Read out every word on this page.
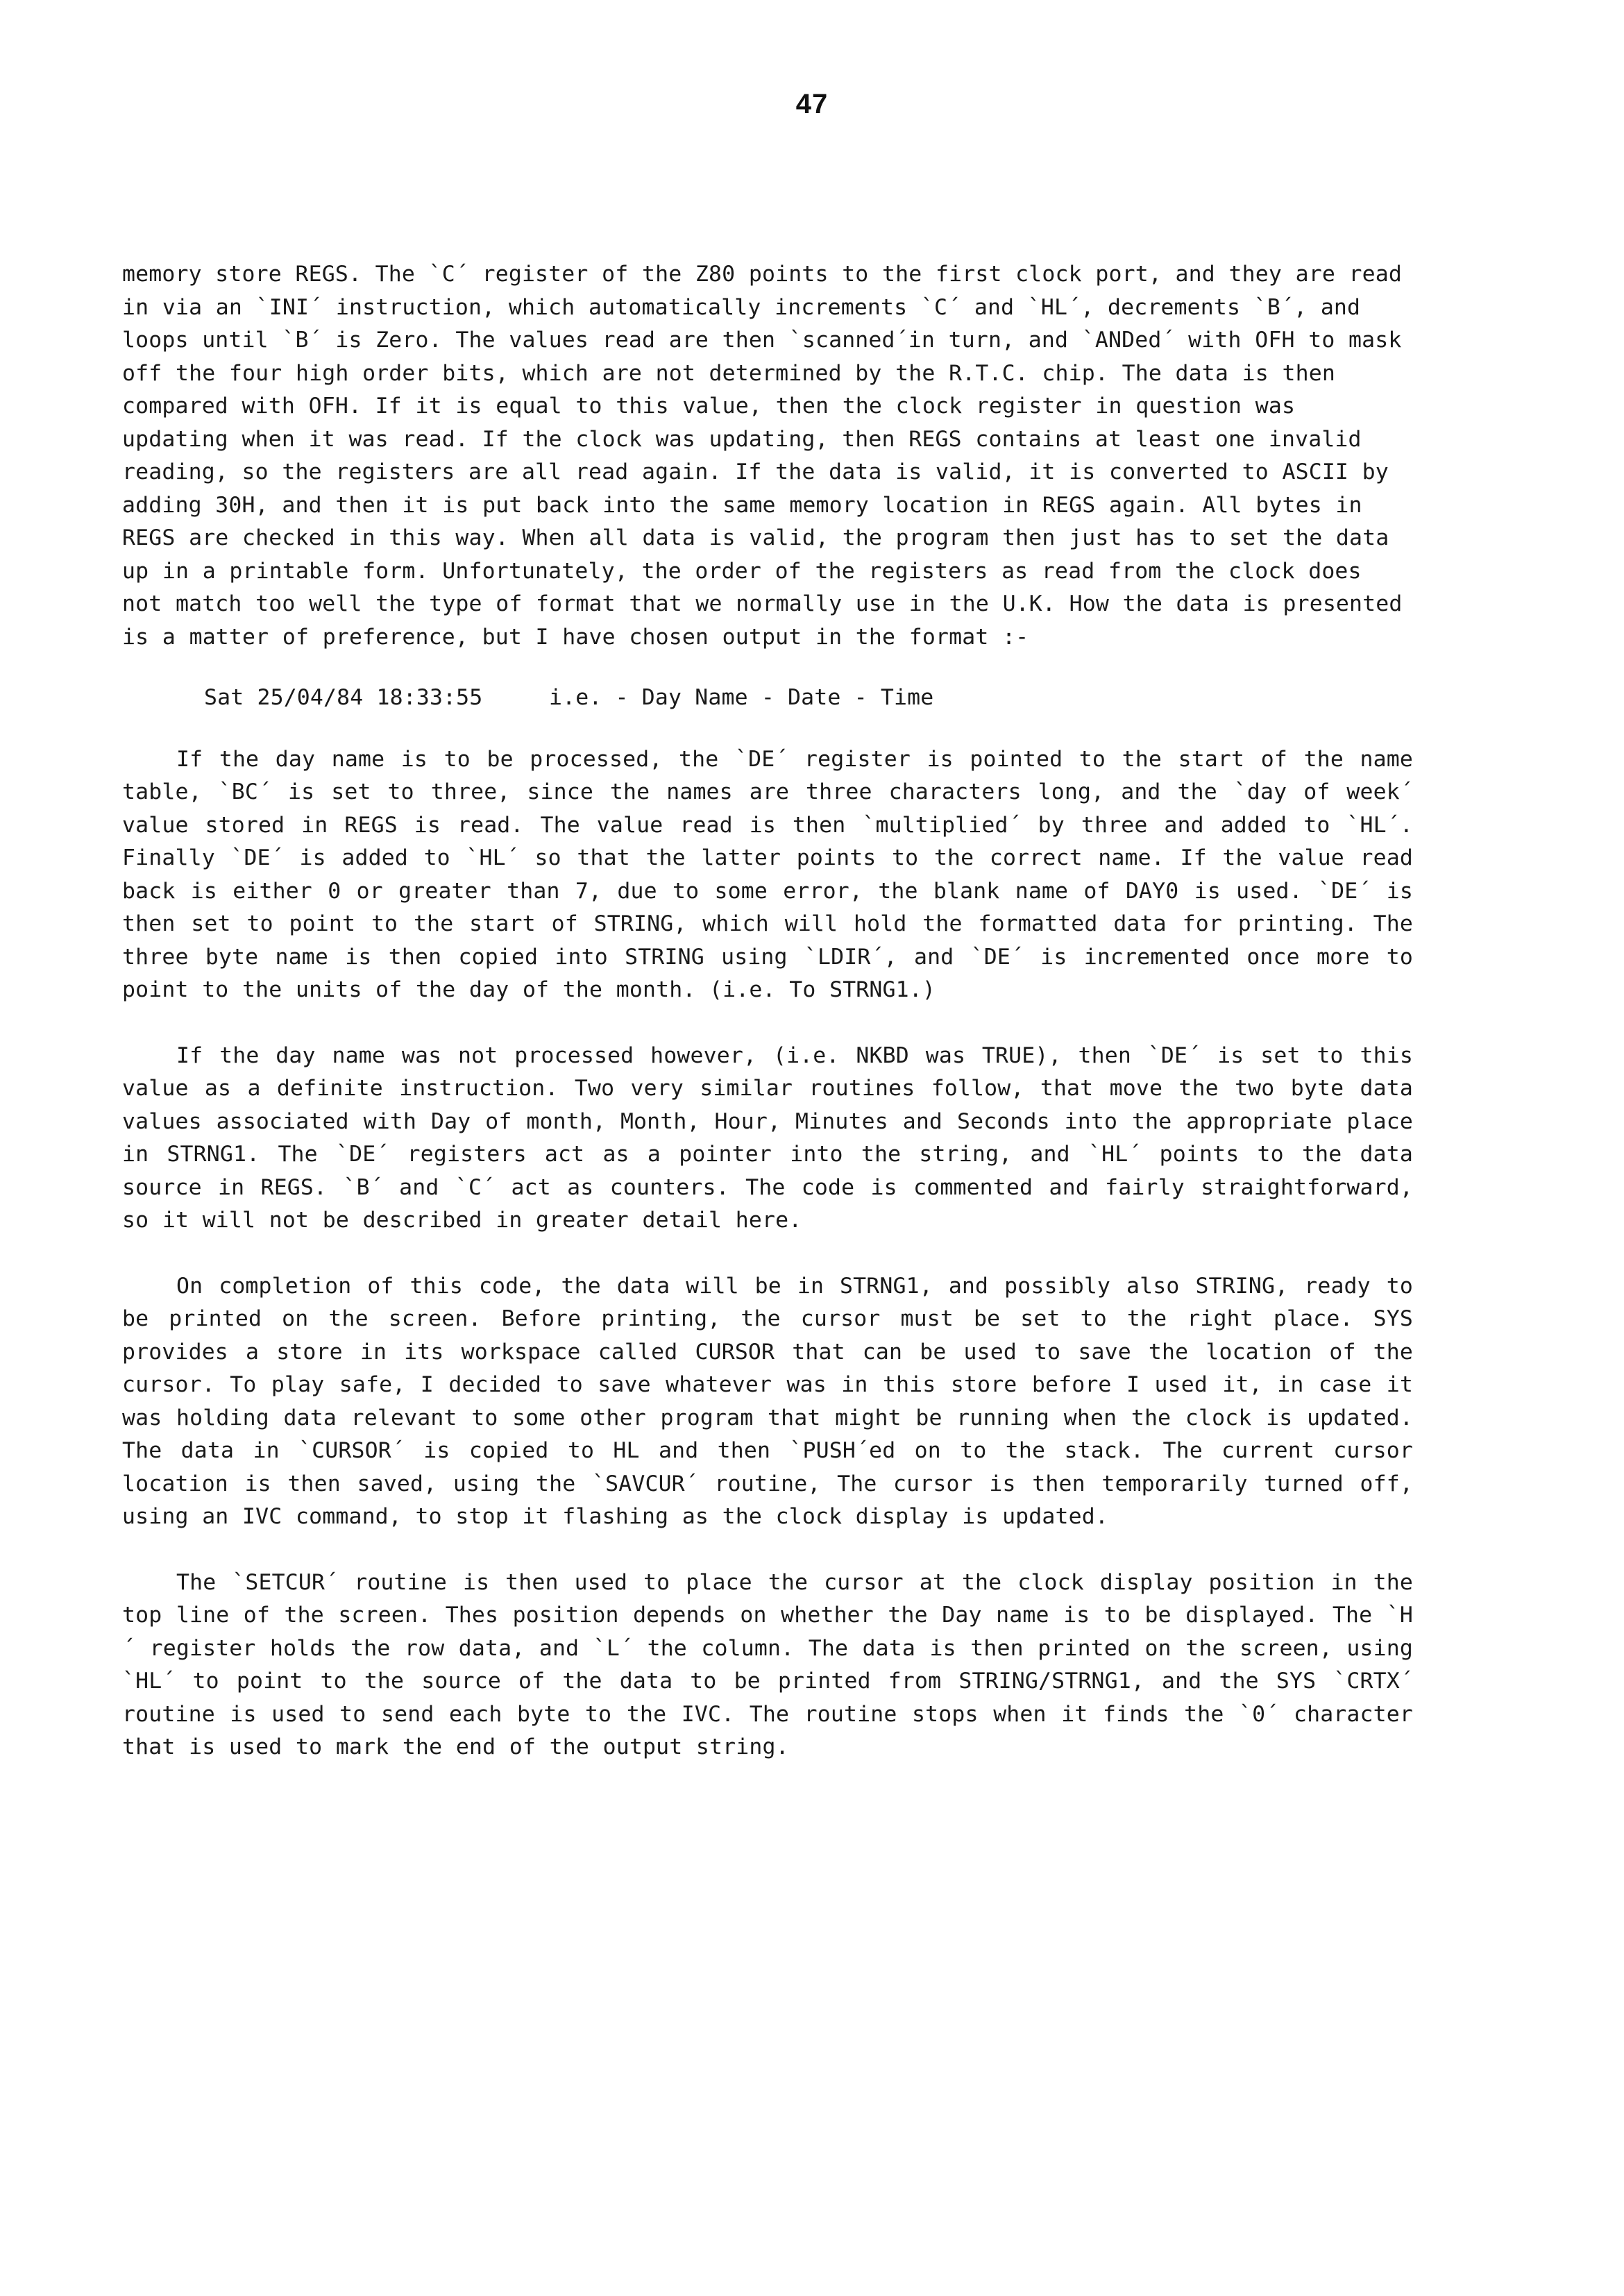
47

memory store REGS. The `C´ register of the Z80 points to the first clock port, and they are read in via an `INI´ instruction, which automatically increments `C´ and `HL´, decrements `B´, and loops until `B´ is Zero. The values read are then `scanned´in turn, and `ANDed´ with OFH to mask off the four high order bits, which are not determined by the R.T.C. chip. The data is then compared with OFH. If it is equal to this value, then the clock register in question was updating when it was read. If the clock was updating, then REGS contains at least one invalid reading, so the registers are all read again. If the data is valid, it is converted to ASCII by adding 30H, and then it is put back into the same memory location in REGS again. All bytes in REGS are checked in this way. When all data is valid, the program then just has to set the data up in a printable form. Unfortunately, the order of the registers as read from the clock does not match too well the type of format that we normally use in the U.K. How the data is presented is a matter of preference, but I have chosen output in the format :-

Sat 25/04/84 18:33:55     i.e. - Day Name - Date - Time

If the day name is to be processed, the `DE´ register is pointed to the start of the name table, `BC´ is set to three, since the names are three characters long, and the `day of week´ value stored in REGS is read. The value read is then `multiplied´ by three and added to `HL´. Finally `DE´ is added to `HL´ so that the latter points to the correct name. If the value read back is either 0 or greater than 7, due to some error, the blank name of DAY0 is used. `DE´ is then set to point to the start of STRING, which will hold the formatted data for printing. The three byte name is then copied into STRING using `LDIR´, and `DE´ is incremented once more to point to the units of the day of the month. (i.e. To STRNG1.)

If the day name was not processed however, (i.e. NKBD was TRUE), then `DE´ is set to this value as a definite instruction. Two very similar routines follow, that move the two byte data values associated with Day of month, Month, Hour, Minutes and Seconds into the appropriate place in STRNG1. The `DE´ registers act as a pointer into the string, and `HL´ points to the data source in REGS. `B´ and `C´ act as counters. The code is commented and fairly straightforward, so it will not be described in greater detail here.

On completion of this code, the data will be in STRNG1, and possibly also STRING, ready to be printed on the screen. Before printing, the cursor must be set to the right place. SYS provides a store in its workspace called CURSOR that can be used to save the location of the cursor. To play safe, I decided to save whatever was in this store before I used it, in case it was holding data relevant to some other program that might be running when the clock is updated. The data in `CURSOR´ is copied to HL and then `PUSH´ed on to the stack. The current cursor location is then saved, using the `SAVCUR´ routine, The cursor is then temporarily turned off, using an IVC command, to stop it flashing as the clock display is updated.

The `SETCUR´ routine is then used to place the cursor at the clock display position in the top line of the screen. Thes position depends on whether the Day name is to be displayed. The `H´ register holds the row data, and `L´ the column. The data is then printed on the screen, using `HL´ to point to the source of the data to be printed from STRING/STRNG1, and the SYS `CRTX´ routine is used to send each byte to the IVC. The routine stops when it finds the `0´ character that is used to mark the end of the output string.
